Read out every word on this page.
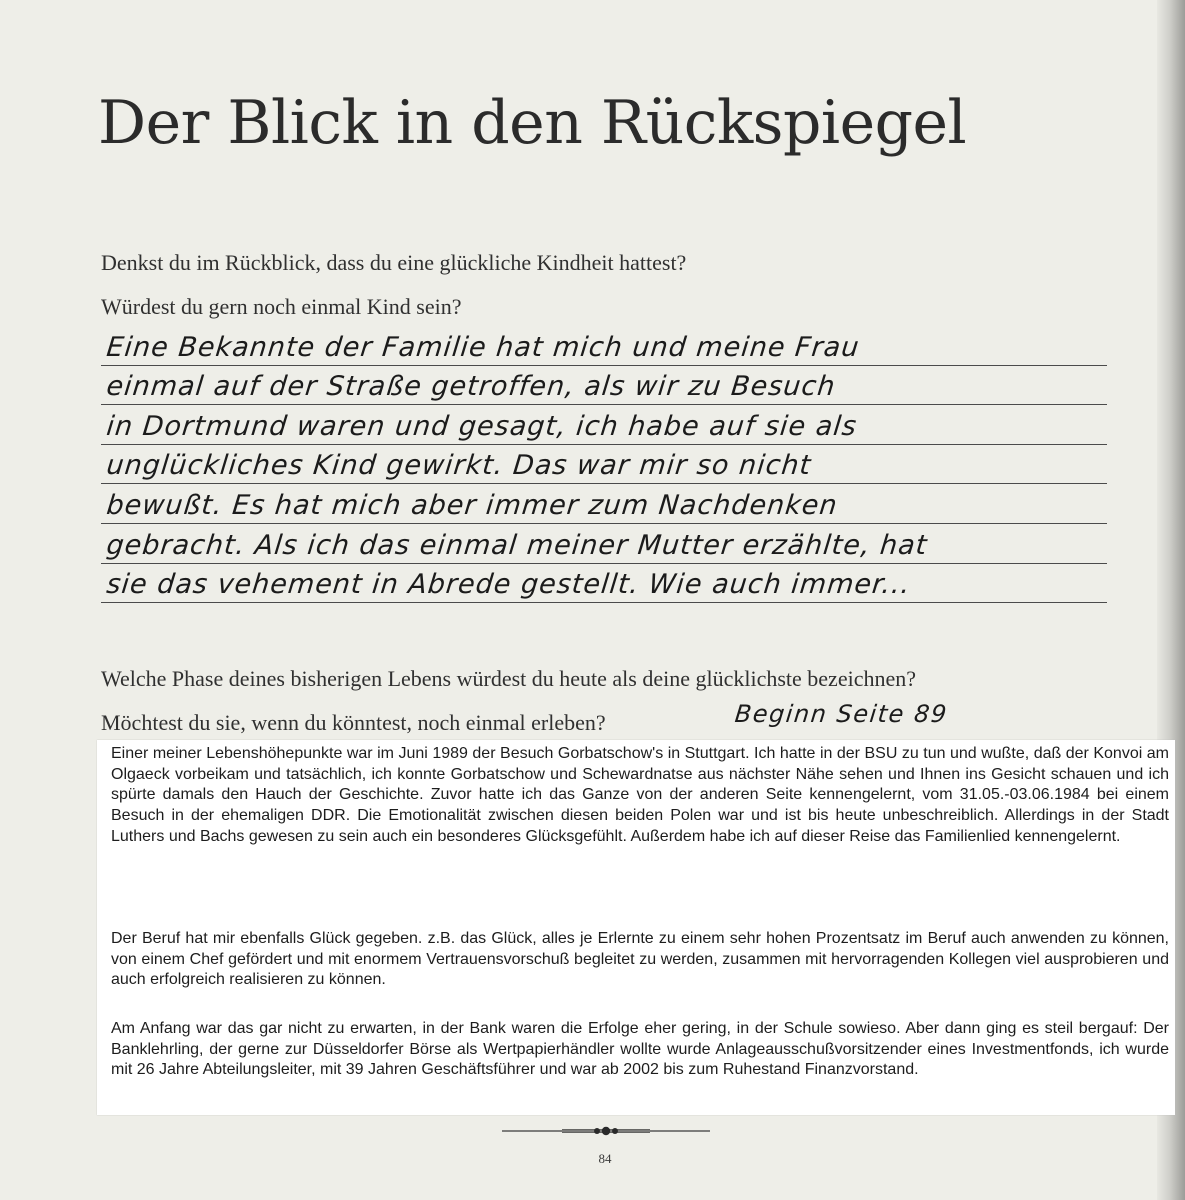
Der Blick in den Rückspiegel
Denkst du im Rückblick, dass du eine glückliche Kindheit hattest?
Würdest du gern noch einmal Kind sein?
Eine Bekannte der Familie hat mich und meine Frau
einmal auf der Straße getroffen, als wir zu Besuch
in Dortmund waren und gesagt, ich habe auf sie als
unglückliches Kind gewirkt. Das war mir so nicht
bewußt. Es hat mich aber immer zum Nachdenken
gebracht. Als ich das einmal meiner Mutter erzählte, hat
sie das vehement in Abrede gestellt. Wie auch immer...
Welche Phase deines bisherigen Lebens würdest du heute als deine glücklichste bezeichnen?
Möchtest du sie, wenn du könntest, noch einmal erleben?	Beginn Seite 89

Einer meiner Lebenshöhepunkte war im Juni 1989 der Besuch Gorbatschow's in Stuttgart. Ich hatte in der BSU zu tun und wußte, daß der Konvoi am Olgaeck vorbeikam und tatsächlich, ich konnte Gorbatschow und Schewardnatse aus nächster Nähe sehen und Ihnen ins Gesicht schauen und ich spürte damals den Hauch der Geschichte. Zuvor hatte ich das Ganze von der anderen Seite kennengelernt, vom 31.05.-03.06.1984 bei einem Besuch in der ehemaligen DDR. Die Emotionalität zwischen diesen beiden Polen war und ist bis heute unbeschreiblich. Allerdings in der Stadt Luthers und Bachs gewesen zu sein auch ein besonderes Glücksgefühlt. Außerdem habe ich auf dieser Reise das Familienlied kennengelernt.

Der Beruf hat mir ebenfalls Glück gegeben. z.B. das Glück, alles je Erlernte zu einem sehr hohen Prozentsatz im Beruf auch anwenden zu können, von einem Chef gefördert und mit enormem Vertrauensvorschuß begleitet zu werden, zusammen mit hervorragenden Kollegen viel ausprobieren und auch erfolgreich realisieren zu können.

Am Anfang war das gar nicht zu erwarten, in der Bank waren die Erfolge eher gering, in der Schule sowieso. Aber dann ging es steil bergauf: Der Banklehrling, der gerne zur Düsseldorfer Börse als Wertpapierhändler wollte wurde Anlageausschußvorsitzender eines Investmentfonds, ich wurde mit 26 Jahre Abteilungsleiter, mit 39 Jahren Geschäftsführer und war ab 2002 bis zum Ruhestand Finanzvorstand.

84
